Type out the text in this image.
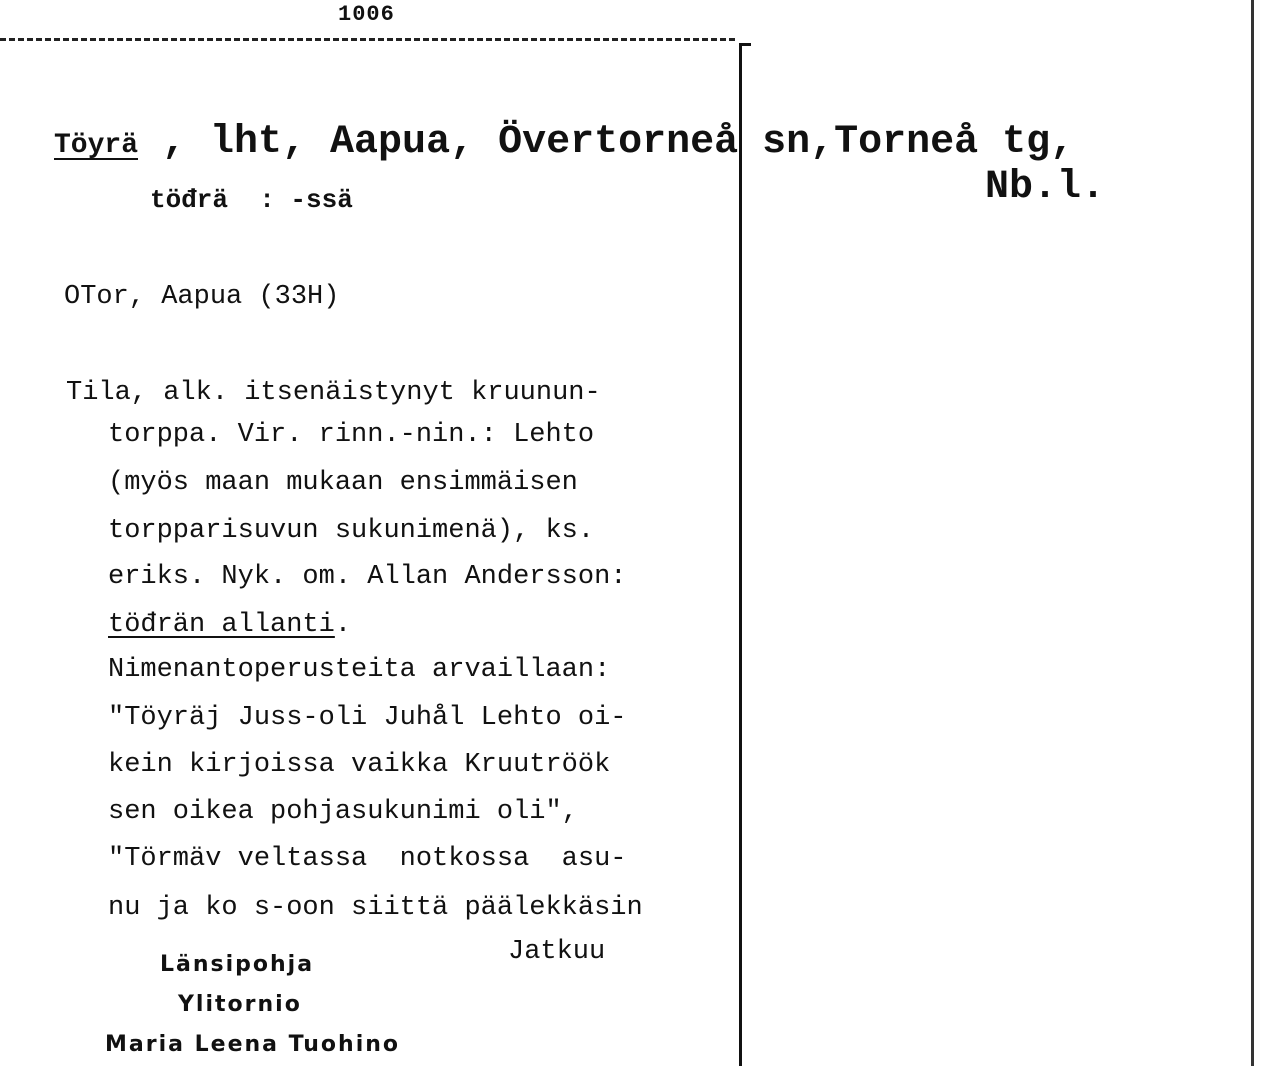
1006
Töyrä , lht, Aapua, Övertorneå sn,Torneå tg,
Nb.l.
töđrä  : -ssä
OTor, Aapua (33H)
Tila, alk. itsenäistynyt kruunun-
torppa. Vir. rinn.-nin.: Lehto
(myös maan mukaan ensimmäisen
torpparisuvun sukunimenä), ks.
eriks. Nyk. om. Allan Andersson:
töđrän allanti.
Nimenantoperusteita arvaillaan:
"Töyräj Juss-oli Juhål Lehto oi-
kein kirjoissa vaikka Kruutröök
sen oikea pohjasukunimi oli",
"Törmäv veltassa  notkossa  asu-
nu ja ko s-oon siittä päälekkäsin
Jatkuu
Länsipohja
Ylitornio
Maria Leena Tuohino
